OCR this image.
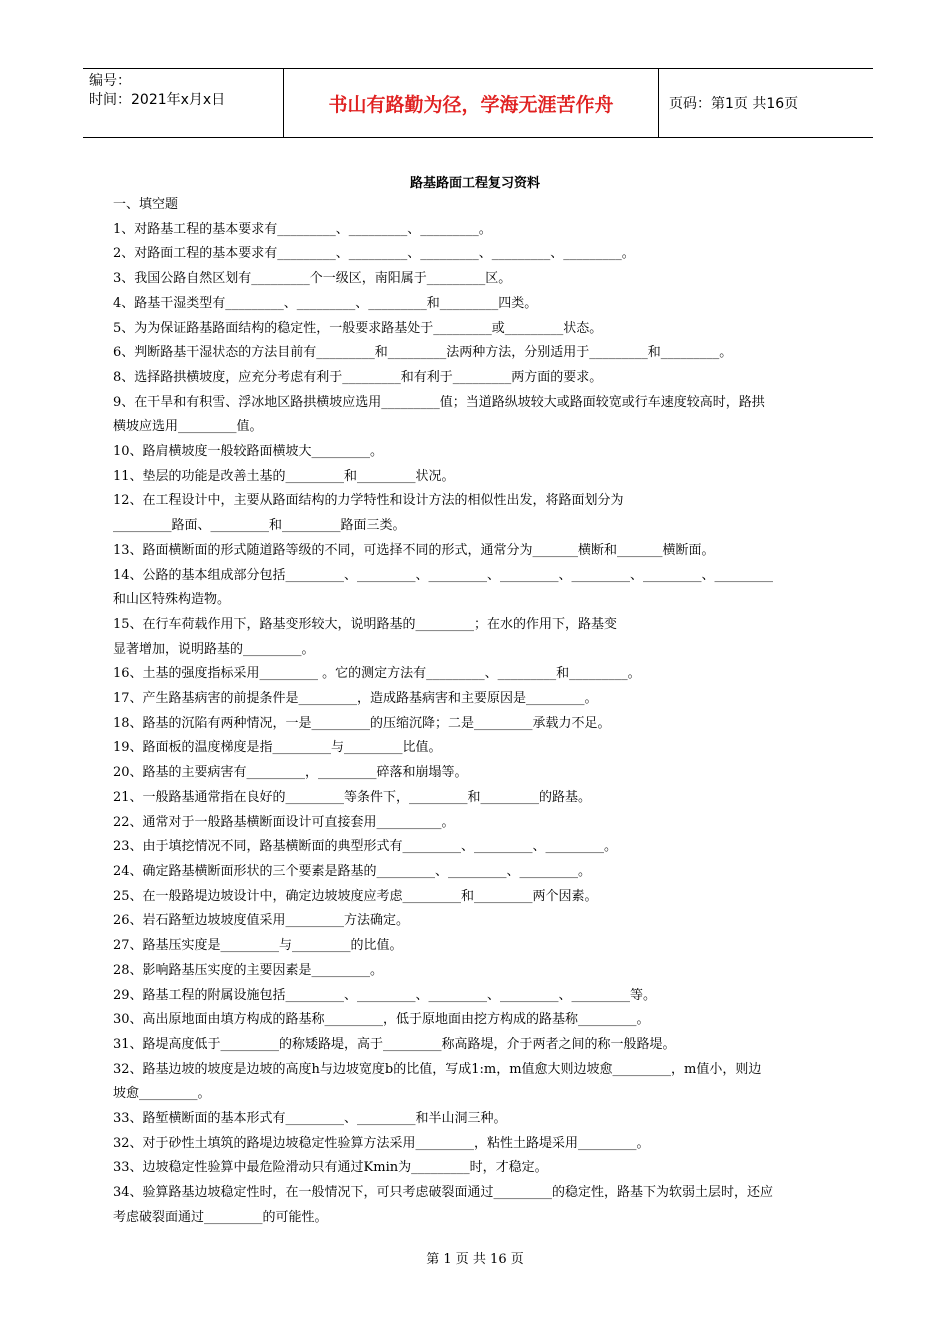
编号：
时间：2021年x月x日	书山有路勤为径，学海无涯苦作舟	页码：第1页 共16页
路基路面工程复习资料
一、填空题
1、对路基工程的基本要求有_________、_________、_________。
2、对路面工程的基本要求有_________、_________、_________、_________、_________。
3、我国公路自然区划有_________个一级区，南阳属于_________区。
4、路基干湿类型有_________、_________、_________和_________四类。
5、为为保证路基路面结构的稳定性，一般要求路基处于_________或_________状态。
6、判断路基干湿状态的方法目前有_________和_________法两种方法，分别适用于_________和_________。
8、选择路拱横坡度，应充分考虑有利于_________和有利于_________两方面的要求。
9、在干旱和有积雪、浮冰地区路拱横坡应选用_________值；当道路纵坡较大或路面较宽或行车速度较高时，路拱
横坡应选用_________值。
10、路肩横坡度一般较路面横坡大_________。
11、垫层的功能是改善土基的_________和_________状况。
12、在工程设计中，主要从路面结构的力学特性和设计方法的相似性出发，将路面划分为
_________路面、_________和_________路面三类。
13、路面横断面的形式随道路等级的不同，可选择不同的形式，通常分为_______横断和_______横断面。
14、公路的基本组成部分包括_________、_________、_________、_________、_________、_________、_________
和山区特殊构造物。
15、在行车荷载作用下，路基变形较大，说明路基的_________；在水的作用下，路基变
显著增加，说明路基的_________。
16、土基的强度指标采用_________ 。它的测定方法有_________、_________和_________。
17、产生路基病害的前提条件是_________，造成路基病害和主要原因是_________。
18、路基的沉陷有两种情况，一是_________的压缩沉降；二是_________承载力不足。
19、路面板的温度梯度是指_________与_________比值。
20、路基的主要病害有_________，_________碎落和崩塌等。
21、一般路基通常指在良好的_________等条件下，_________和_________的路基。
22、通常对于一般路基横断面设计可直接套用__________。
23、由于填挖情况不同，路基横断面的典型形式有_________、_________、_________。
24、确定路基横断面形状的三个要素是路基的_________、_________、_________。
25、在一般路堤边坡设计中，确定边坡坡度应考虑_________和_________两个因素。
26、岩石路堑边坡坡度值采用_________方法确定。
27、路基压实度是_________与_________的比值。
28、影响路基压实度的主要因素是_________。
29、路基工程的附属设施包括_________、_________、_________、_________、_________等。
30、高出原地面由填方构成的路基称_________，低于原地面由挖方构成的路基称_________。
31、路堤高度低于_________的称矮路堤，高于_________称高路堤，介于两者之间的称一般路堤。
32、路基边坡的坡度是边坡的高度h与边坡宽度b的比值，写成1:m，m值愈大则边坡愈_________，m值小，则边
坡愈_________。
33、路堑横断面的基本形式有_________、_________和半山洞三种。
32、对于砂性土填筑的路堤边坡稳定性验算方法采用_________，粘性土路堤采用_________。
33、边坡稳定性验算中最危险滑动只有通过Kmin为_________时，才稳定。
34、验算路基边坡稳定性时，在一般情况下，可只考虑破裂面通过_________的稳定性，路基下为软弱土层时，还应
考虑破裂面通过_________的可能性。
第 1 页 共 16 页
